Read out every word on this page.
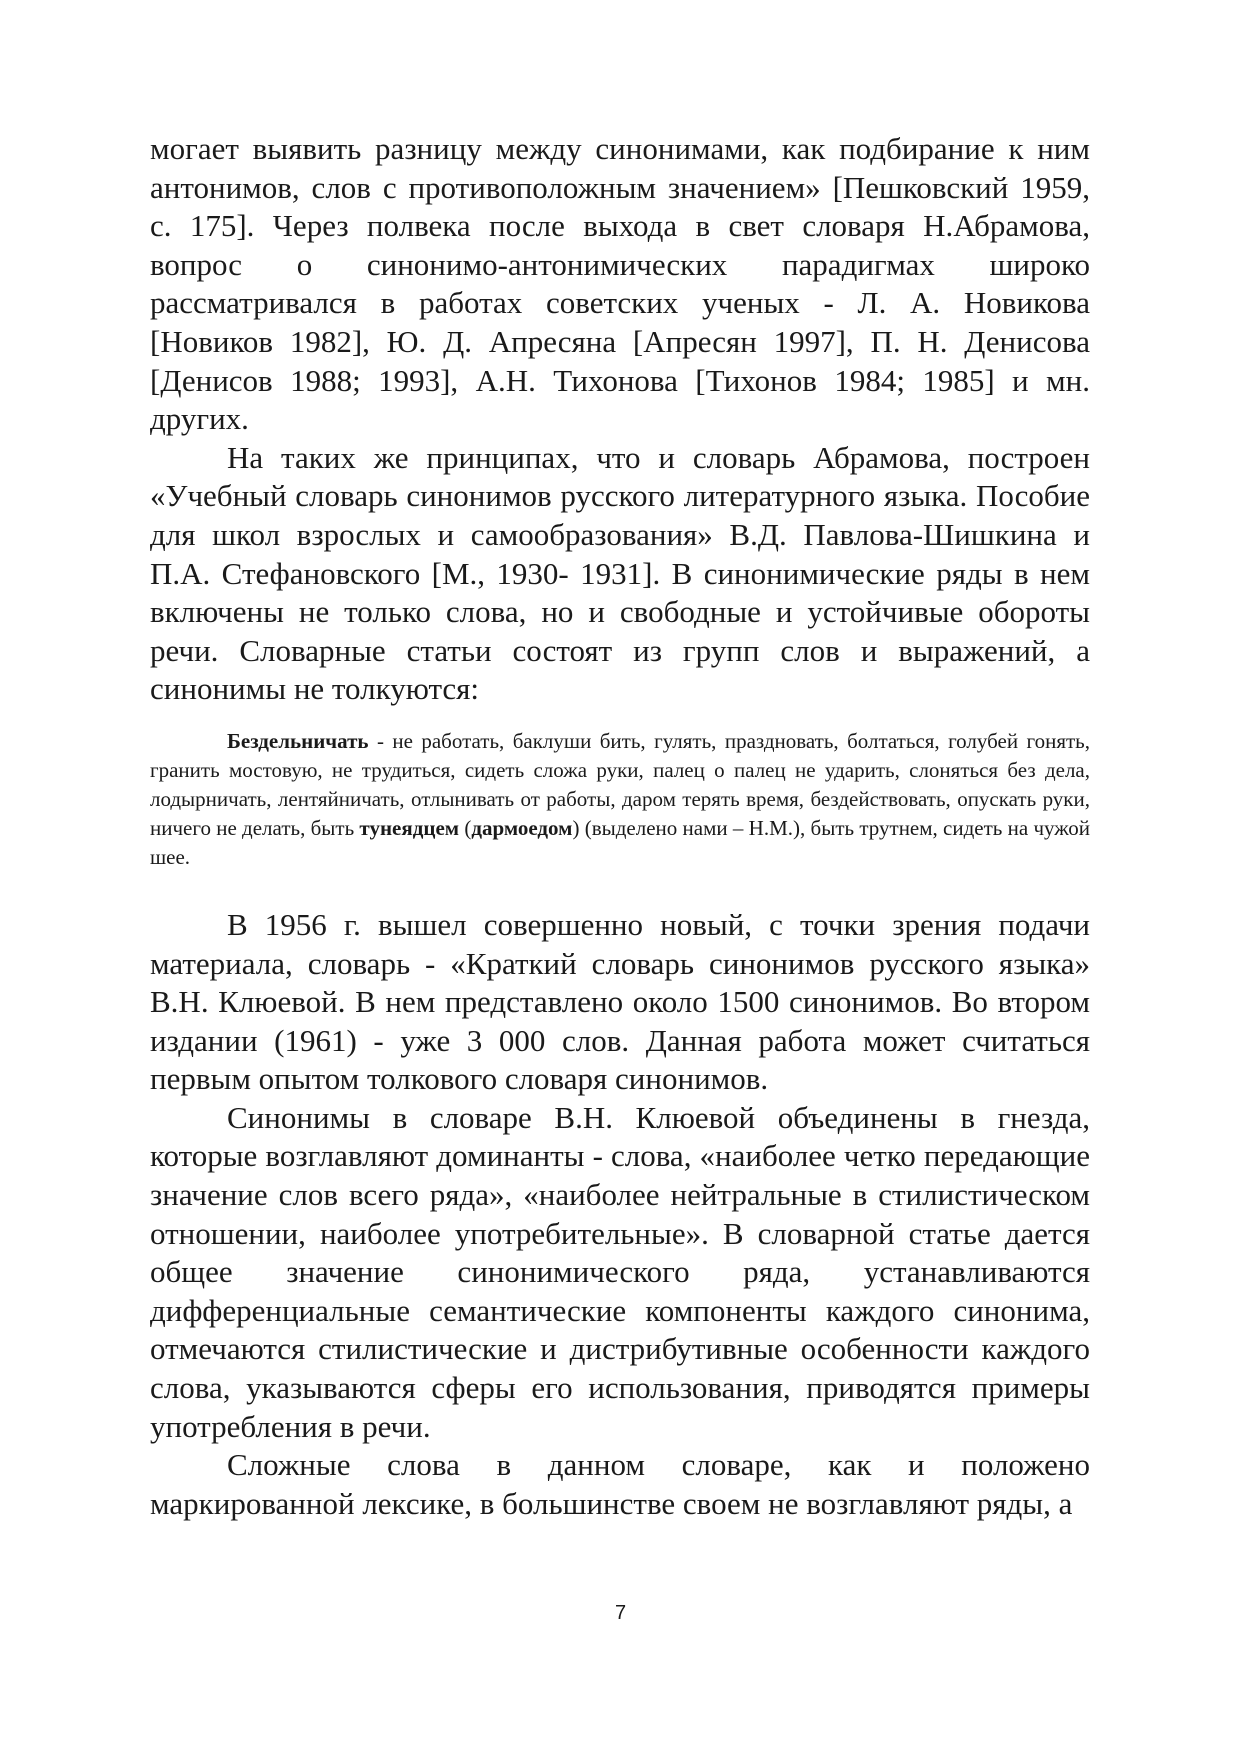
могает выявить разницу между синонимами, как подбирание к ним антонимов, слов с противоположным значением» [Пешковский 1959, с. 175]. Через полвека после выхода в свет словаря Н.Абрамова, вопрос о синонимо-антонимических парадигмах широко рассматривался в работах советских ученых - Л. А. Новикова [Новиков 1982], Ю. Д. Апресяна [Апресян 1997], П. Н. Денисова [Денисов 1988; 1993], А.Н. Тихонова [Тихонов 1984; 1985] и мн. других.

На таких же принципах, что и словарь Абрамова, построен «Учебный словарь синонимов русского литературного языка. Пособие для школ взрослых и самообразования» В.Д. Павлова-Шишкина и П.А. Стефановского [М., 1930- 1931]. В синонимические ряды в нем включены не только слова, но и свободные и устойчивые обороты речи. Словарные статьи состоят из групп слов и выражений, а синонимы не толкуются:

Бездельничать - не работать, баклуши бить, гулять, праздновать, болтаться, голубей гонять, гранить мостовую, не трудиться, сидеть сложа руки, палец о палец не ударить, слоняться без дела, лодырничать, лентяйничать, отлынивать от работы, даром терять время, бездействовать, опускать руки, ничего не делать, быть тунеядцем (дармоедом) (выделено нами – Н.М.), быть трутнем, сидеть на чужой шее.

В 1956 г. вышел совершенно новый, с точки зрения подачи материала, словарь - «Краткий словарь синонимов русского языка» В.Н. Клюевой. В нем представлено около 1500 синонимов. Во втором издании (1961) - уже 3 000 слов. Данная работа может считаться первым опытом толкового словаря синонимов.

Синонимы в словаре В.Н. Клюевой объединены в гнезда, которые возглавляют доминанты - слова, «наиболее четко передающие значение слов всего ряда», «наиболее нейтральные в стилистическом отношении, наиболее употребительные». В словарной статье дается общее значение синонимического ряда, устанавливаются дифференциальные семантические компоненты каждого синонима, отмечаются стилистические и дистрибутивные особенности каждого слова, указываются сферы его использования, приводятся примеры употребления в речи.

Сложные слова в данном словаре, как и положено маркированной лексике, в большинстве своем не возглавляют ряды, а

7
